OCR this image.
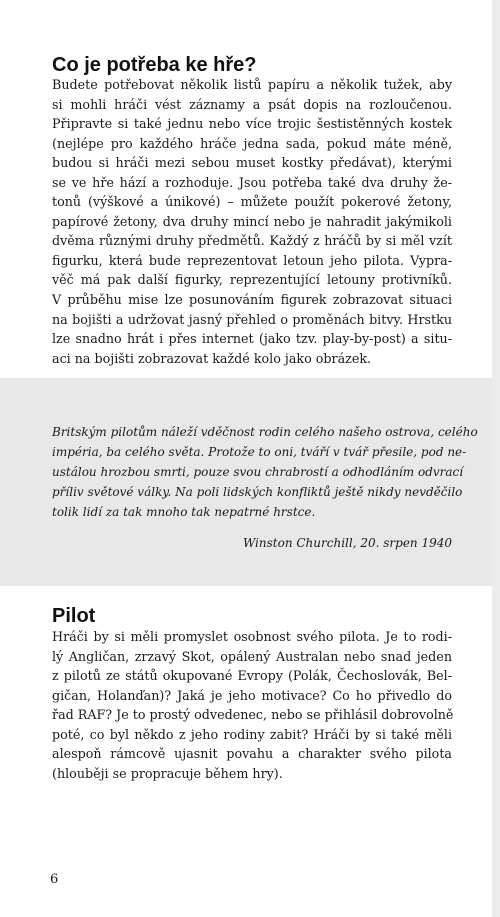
Co je potřeba ke hře?
Budete potřebovat několik listů papíru a několik tužek, aby
si mohli hráči vést záznamy a psát dopis na rozloučenou.
Připravte si také jednu nebo více trojic šestistěnných kostek
(nejlépe pro každého hráče jedna sada, pokud máte méně,
budou si hráči mezi sebou muset kostky předávat), kterými
se ve hře hází a rozhoduje. Jsou potřeba také dva druhy že-
tonů (výškové a únikové) – můžete použít pokerové žetony,
papírové žetony, dva druhy mincí nebo je nahradit jakýmikoli
dvěma různými druhy předmětů. Každý z hráčů by si měl vzít
figurku, která bude reprezentovat letoun jeho pilota. Vypra-
věč má pak další figurky, reprezentující letouny protivníků.
V průběhu mise lze posunováním figurek zobrazovat situaci
na bojišti a udržovat jasný přehled o proměnách bitvy. Hrstku
lze snadno hrát i přes internet (jako tzv. play-by-post) a situ-
aci na bojišti zobrazovat každé kolo jako obrázek.
Britským pilotům náleží vděčnost rodin celého našeho ostrova, celého
impéria, ba celého světa. Protože to oni, tváří v tvář přesile, pod ne-
ustálou hrozbou smrti, pouze svou chrabrostí a odhodláním odvrací
příliv světové války. Na poli lidských konfliktů ještě nikdy nevděčilo
tolik lidí za tak mnoho tak nepatrné hrstce.
Winston Churchill, 20. srpen 1940
Pilot
Hráči by si měli promyslet osobnost svého pilota. Je to rodi-
lý Angličan, zrzavý Skot, opálený Australan nebo snad jeden
z pilotů ze států okupované Evropy (Polák, Čechoslovák, Bel-
gičan, Holanďan)? Jaká je jeho motivace? Co ho přivedlo do
řad RAF? Je to prostý odvedenec, nebo se přihlásil dobrovolně
poté, co byl někdo z jeho rodiny zabit? Hráči by si také měli
alespoň rámcově ujasnit povahu a charakter svého pilota
(hlouběji se propracuje během hry).
6
